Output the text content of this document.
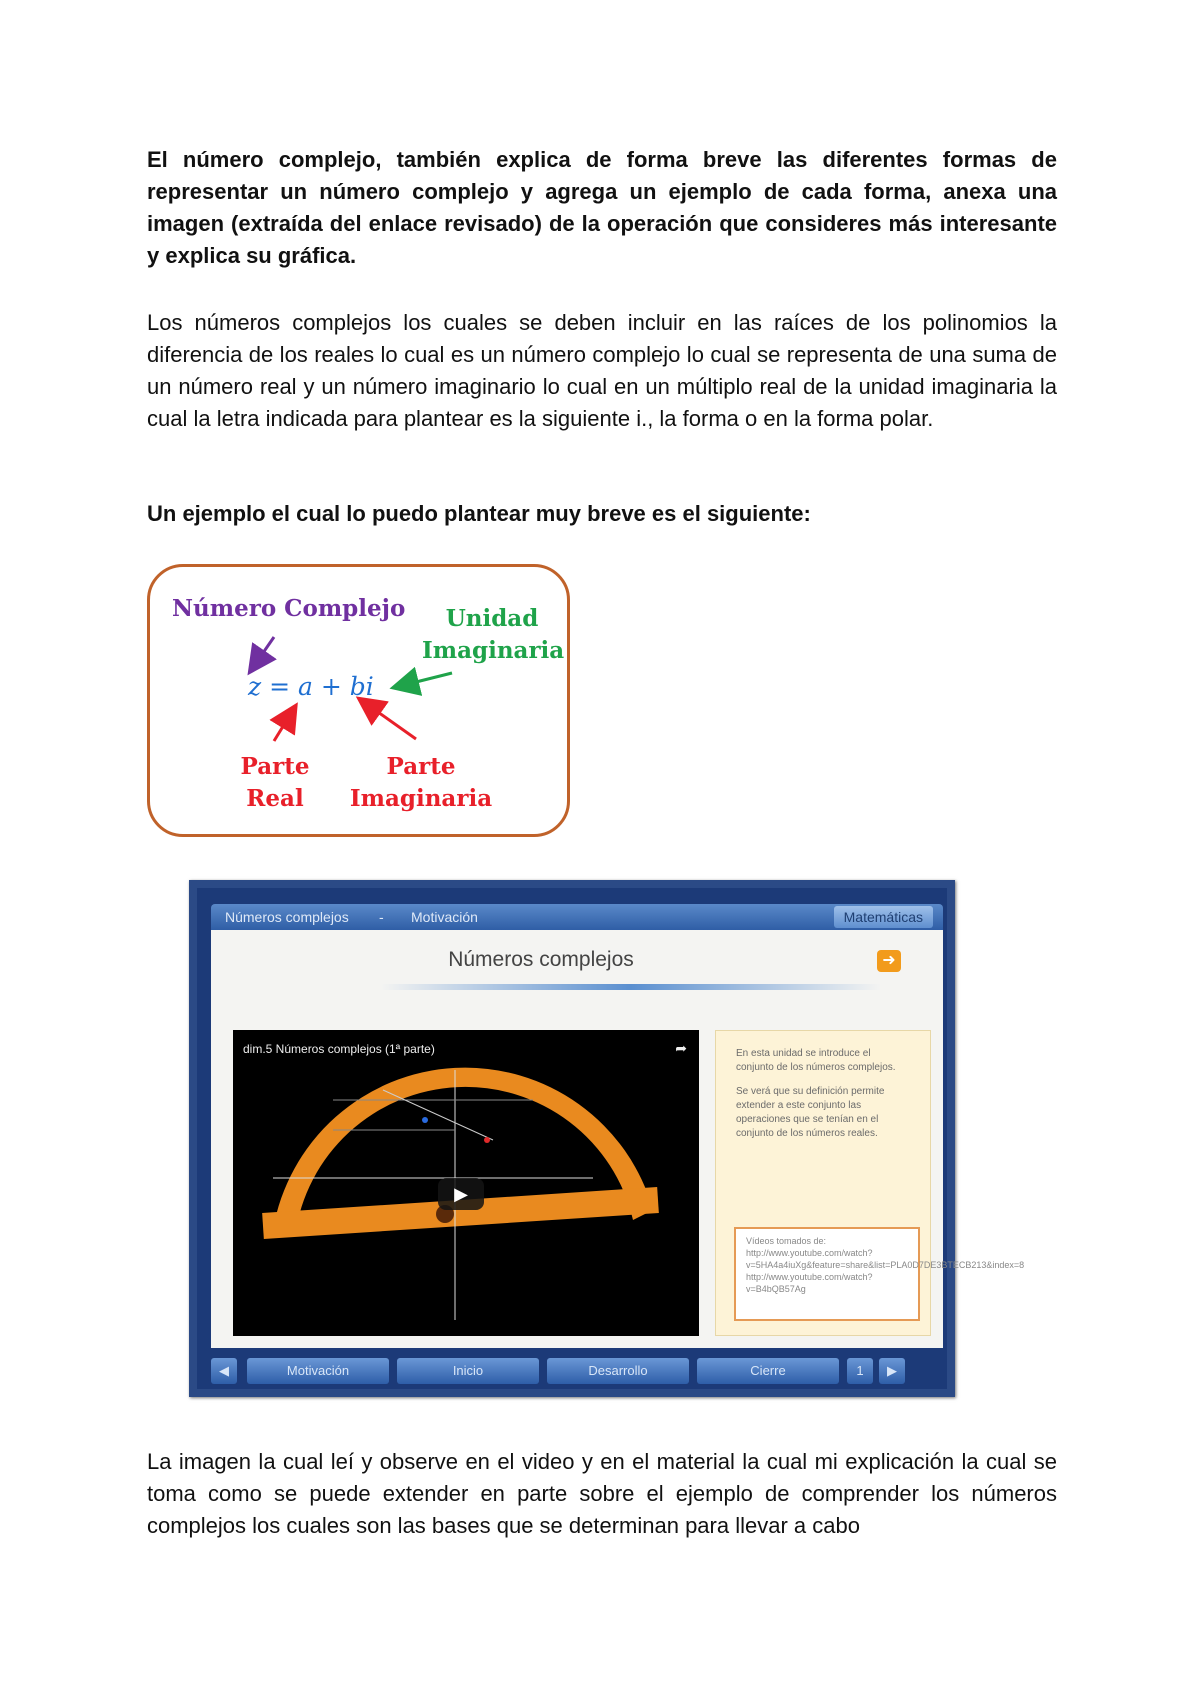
El número complejo, también explica de forma breve las diferentes formas de representar un número complejo y agrega un ejemplo de cada forma, anexa una imagen (extraída del enlace revisado) de la operación que consideres más interesante y explica su gráfica.

Los números complejos los cuales se deben incluir en las raíces de los polinomios la diferencia de los reales lo cual es un número complejo lo cual se representa de una suma de un número real y un número imaginario lo cual en un múltiplo real de la unidad imaginaria la cual la letra indicada para plantear es la siguiente i., la forma o en la forma polar.

Un ejemplo el cual lo puedo plantear muy breve es el siguiente:

Número Complejo	Unidad Imaginaria
z = a + bi
Parte Real
Parte Imaginaria
Números complejos - Motivación	Matemáticas
Números complejos	➜
dim.5 Números complejos (1ª parte)	➦
▶

En esta unidad se introduce el conjunto de los números complejos.

Se verá que su definición permite extender a este conjunto las operaciones que se tenían en el conjunto de los números reales.

Vídeos tomados de: http://www.youtube.com/watch?v=5HA4a4iuXg&feature=share&list=PLA0D7DE3BTECB213&index=8 http://www.youtube.com/watch?v=B4bQB57Ag
◀	Motivación	Inicio	Desarrollo	Cierre	1	▶

La imagen la cual leí y observe en el video y en el material la cual mi explicación la cual se toma como se puede extender en parte sobre el ejemplo de comprender los números complejos los cuales son las bases que se determinan para llevar a cabo
